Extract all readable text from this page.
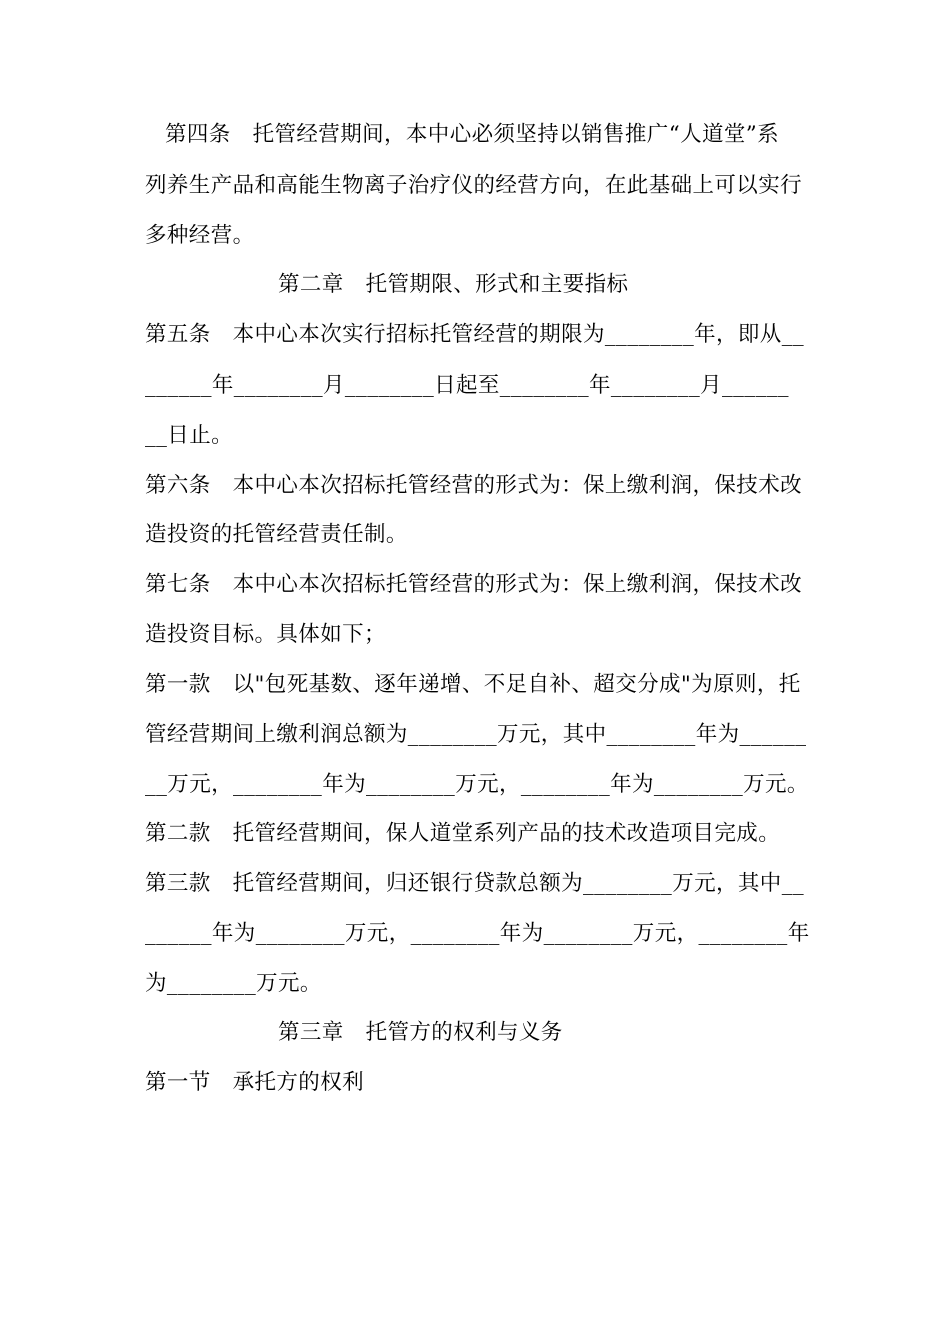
第四条　托管经营期间，本中心必须坚持以销售推广“人道堂”系
列养生产品和高能生物离子治疗仪的经营方向，在此基础上可以实行
多种经营。
第二章　托管期限、形式和主要指标
第五条　本中心本次实行招标托管经营的期限为________年，即从__
______年________月________日起至________年________月______
__日止。
第六条　本中心本次招标托管经营的形式为：保上缴利润，保技术改
造投资的托管经营责任制。
第七条　本中心本次招标托管经营的形式为：保上缴利润，保技术改
造投资目标。具体如下；
第一款　以"包死基数、逐年递增、不足自补、超交分成"为原则，托
管经营期间上缴利润总额为________万元，其中________年为______
__万元，________年为________万元，________年为________万元。
第二款　托管经营期间，保人道堂系列产品的技术改造项目完成。
第三款　托管经营期间，归还银行贷款总额为________万元，其中__
______年为________万元，________年为________万元，________年
为________万元。
第三章　托管方的权利与义务
第一节　承托方的权利
